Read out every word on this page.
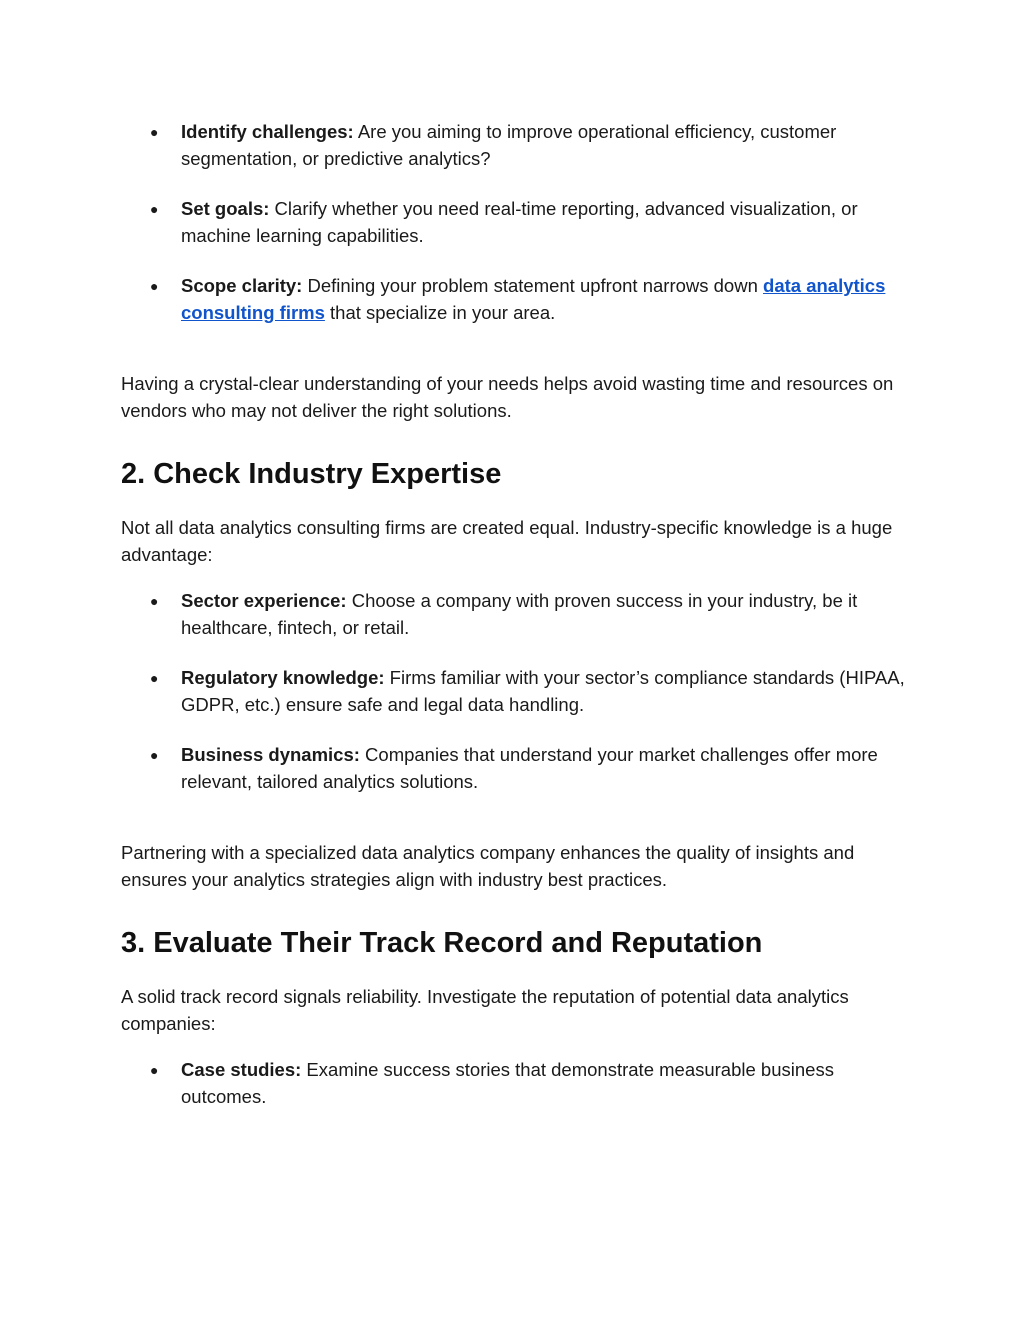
● Identify challenges: Are you aiming to improve operational efficiency, customer segmentation, or predictive analytics?
● Set goals: Clarify whether you need real-time reporting, advanced visualization, or machine learning capabilities.
● Scope clarity: Defining your problem statement upfront narrows down data analytics consulting firms that specialize in your area.

Having a crystal-clear understanding of your needs helps avoid wasting time and resources on vendors who may not deliver the right solutions.

2. Check Industry Expertise

Not all data analytics consulting firms are created equal. Industry-specific knowledge is a huge advantage:

● Sector experience: Choose a company with proven success in your industry, be it healthcare, fintech, or retail.
● Regulatory knowledge: Firms familiar with your sector’s compliance standards (HIPAA, GDPR, etc.) ensure safe and legal data handling.
● Business dynamics: Companies that understand your market challenges offer more relevant, tailored analytics solutions.

Partnering with a specialized data analytics company enhances the quality of insights and ensures your analytics strategies align with industry best practices.

3. Evaluate Their Track Record and Reputation

A solid track record signals reliability. Investigate the reputation of potential data analytics companies:

● Case studies: Examine success stories that demonstrate measurable business outcomes.
